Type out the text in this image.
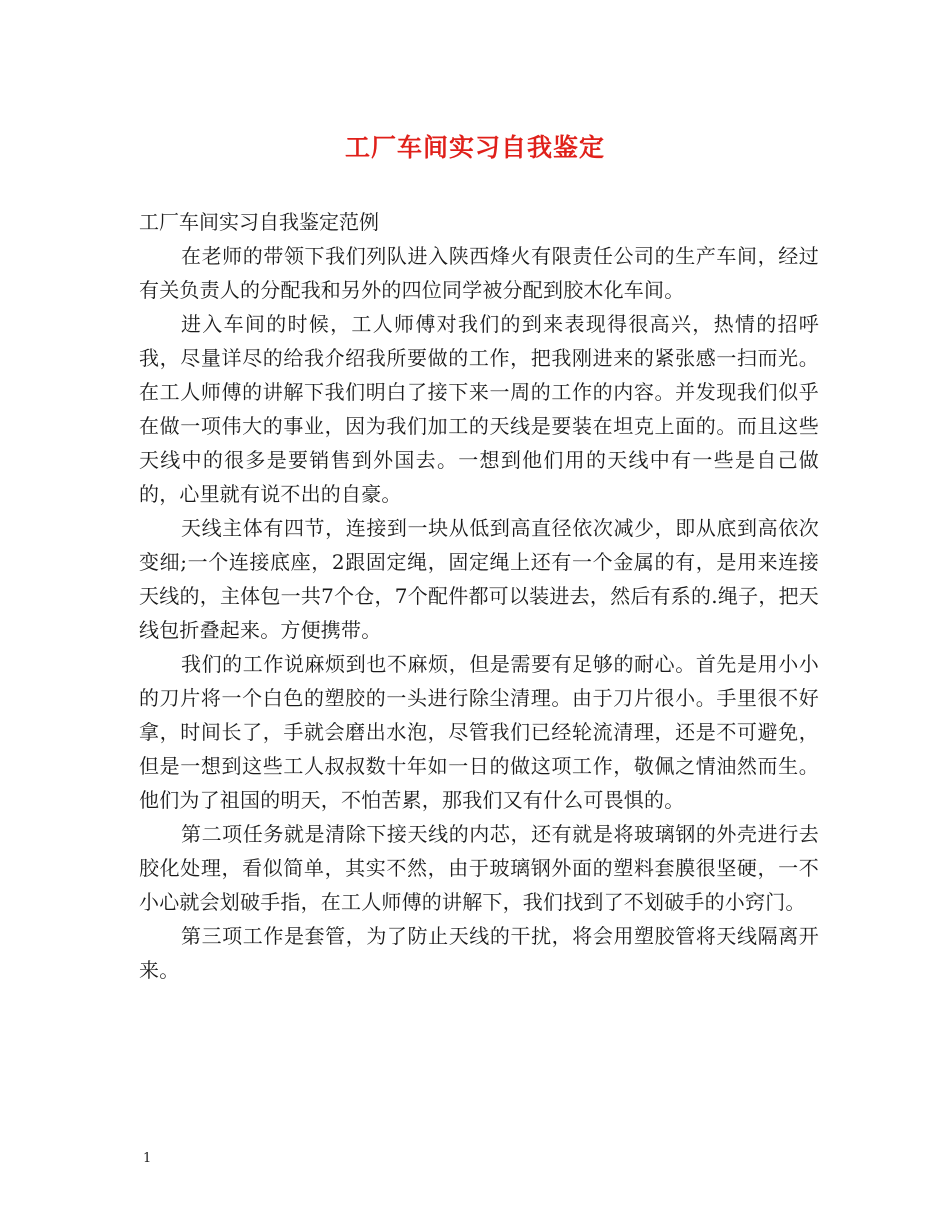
工厂车间实习自我鉴定

工厂车间实习自我鉴定范例

在老师的带领下我们列队进入陕西烽火有限责任公司的生产车间，经过有关负责人的分配我和另外的四位同学被分配到胶木化车间。

进入车间的时候，工人师傅对我们的到来表现得很高兴，热情的招呼我，尽量详尽的给我介绍我所要做的工作，把我刚进来的紧张感一扫而光。在工人师傅的讲解下我们明白了接下来一周的工作的内容。并发现我们似乎在做一项伟大的事业，因为我们加工的天线是要装在坦克上面的。而且这些天线中的很多是要销售到外国去。一想到他们用的天线中有一些是自己做的，心里就有说不出的自豪。

天线主体有四节，连接到一块从低到高直径依次减少，即从底到高依次变细;一个连接底座，2跟固定绳，固定绳上还有一个金属的有，是用来连接天线的，主体包一共7个仓，7个配件都可以装进去，然后有系的.绳子，把天线包折叠起来。方便携带。

我们的工作说麻烦到也不麻烦，但是需要有足够的耐心。首先是用小小的刀片将一个白色的塑胶的一头进行除尘清理。由于刀片很小。手里很不好拿，时间长了，手就会磨出水泡，尽管我们已经轮流清理，还是不可避免，但是一想到这些工人叔叔数十年如一日的做这项工作，敬佩之情油然而生。他们为了祖国的明天，不怕苦累，那我们又有什么可畏惧的。

第二项任务就是清除下接天线的内芯，还有就是将玻璃钢的外壳进行去胶化处理，看似简单，其实不然，由于玻璃钢外面的塑料套膜很坚硬，一不小心就会划破手指，在工人师傅的讲解下，我们找到了不划破手的小窍门。

第三项工作是套管，为了防止天线的干扰，将会用塑胶管将天线隔离开来。

1
